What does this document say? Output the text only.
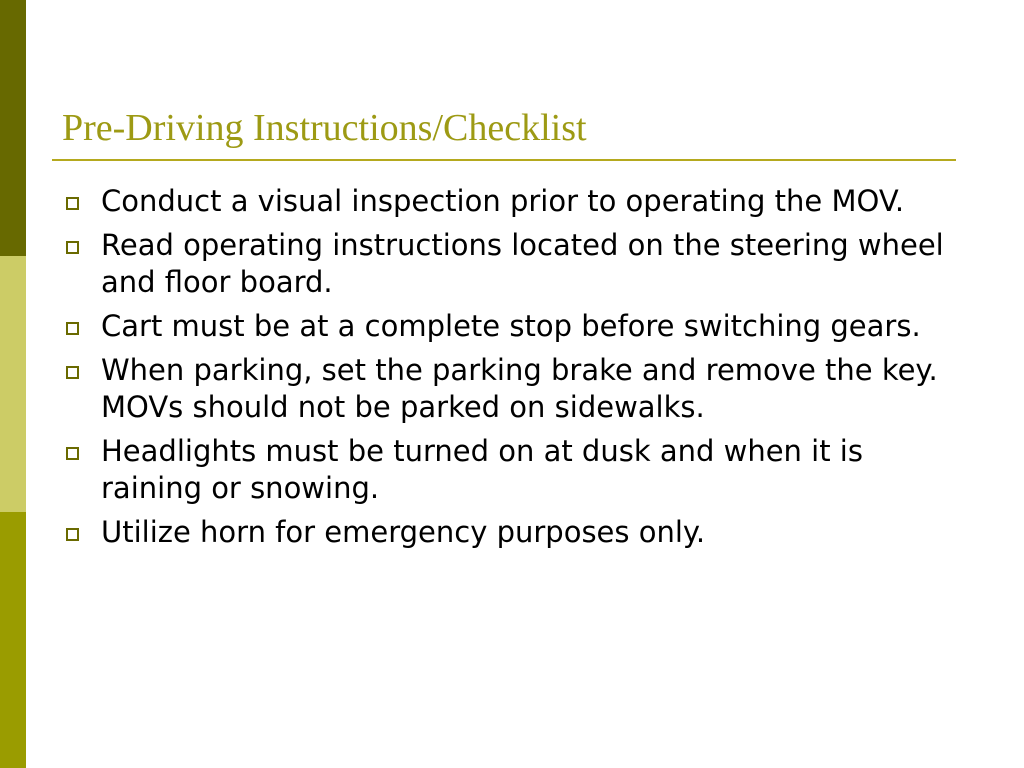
Pre-Driving Instructions/Checklist
Conduct a visual inspection prior to operating the MOV.
Read operating instructions located on the steering wheel and floor board.
Cart must be at a complete stop before switching gears.
When parking, set the parking brake and remove the key.  MOVs should not be parked on sidewalks.
Headlights must be turned on at dusk and when it is raining or snowing.
Utilize horn for emergency purposes only.
